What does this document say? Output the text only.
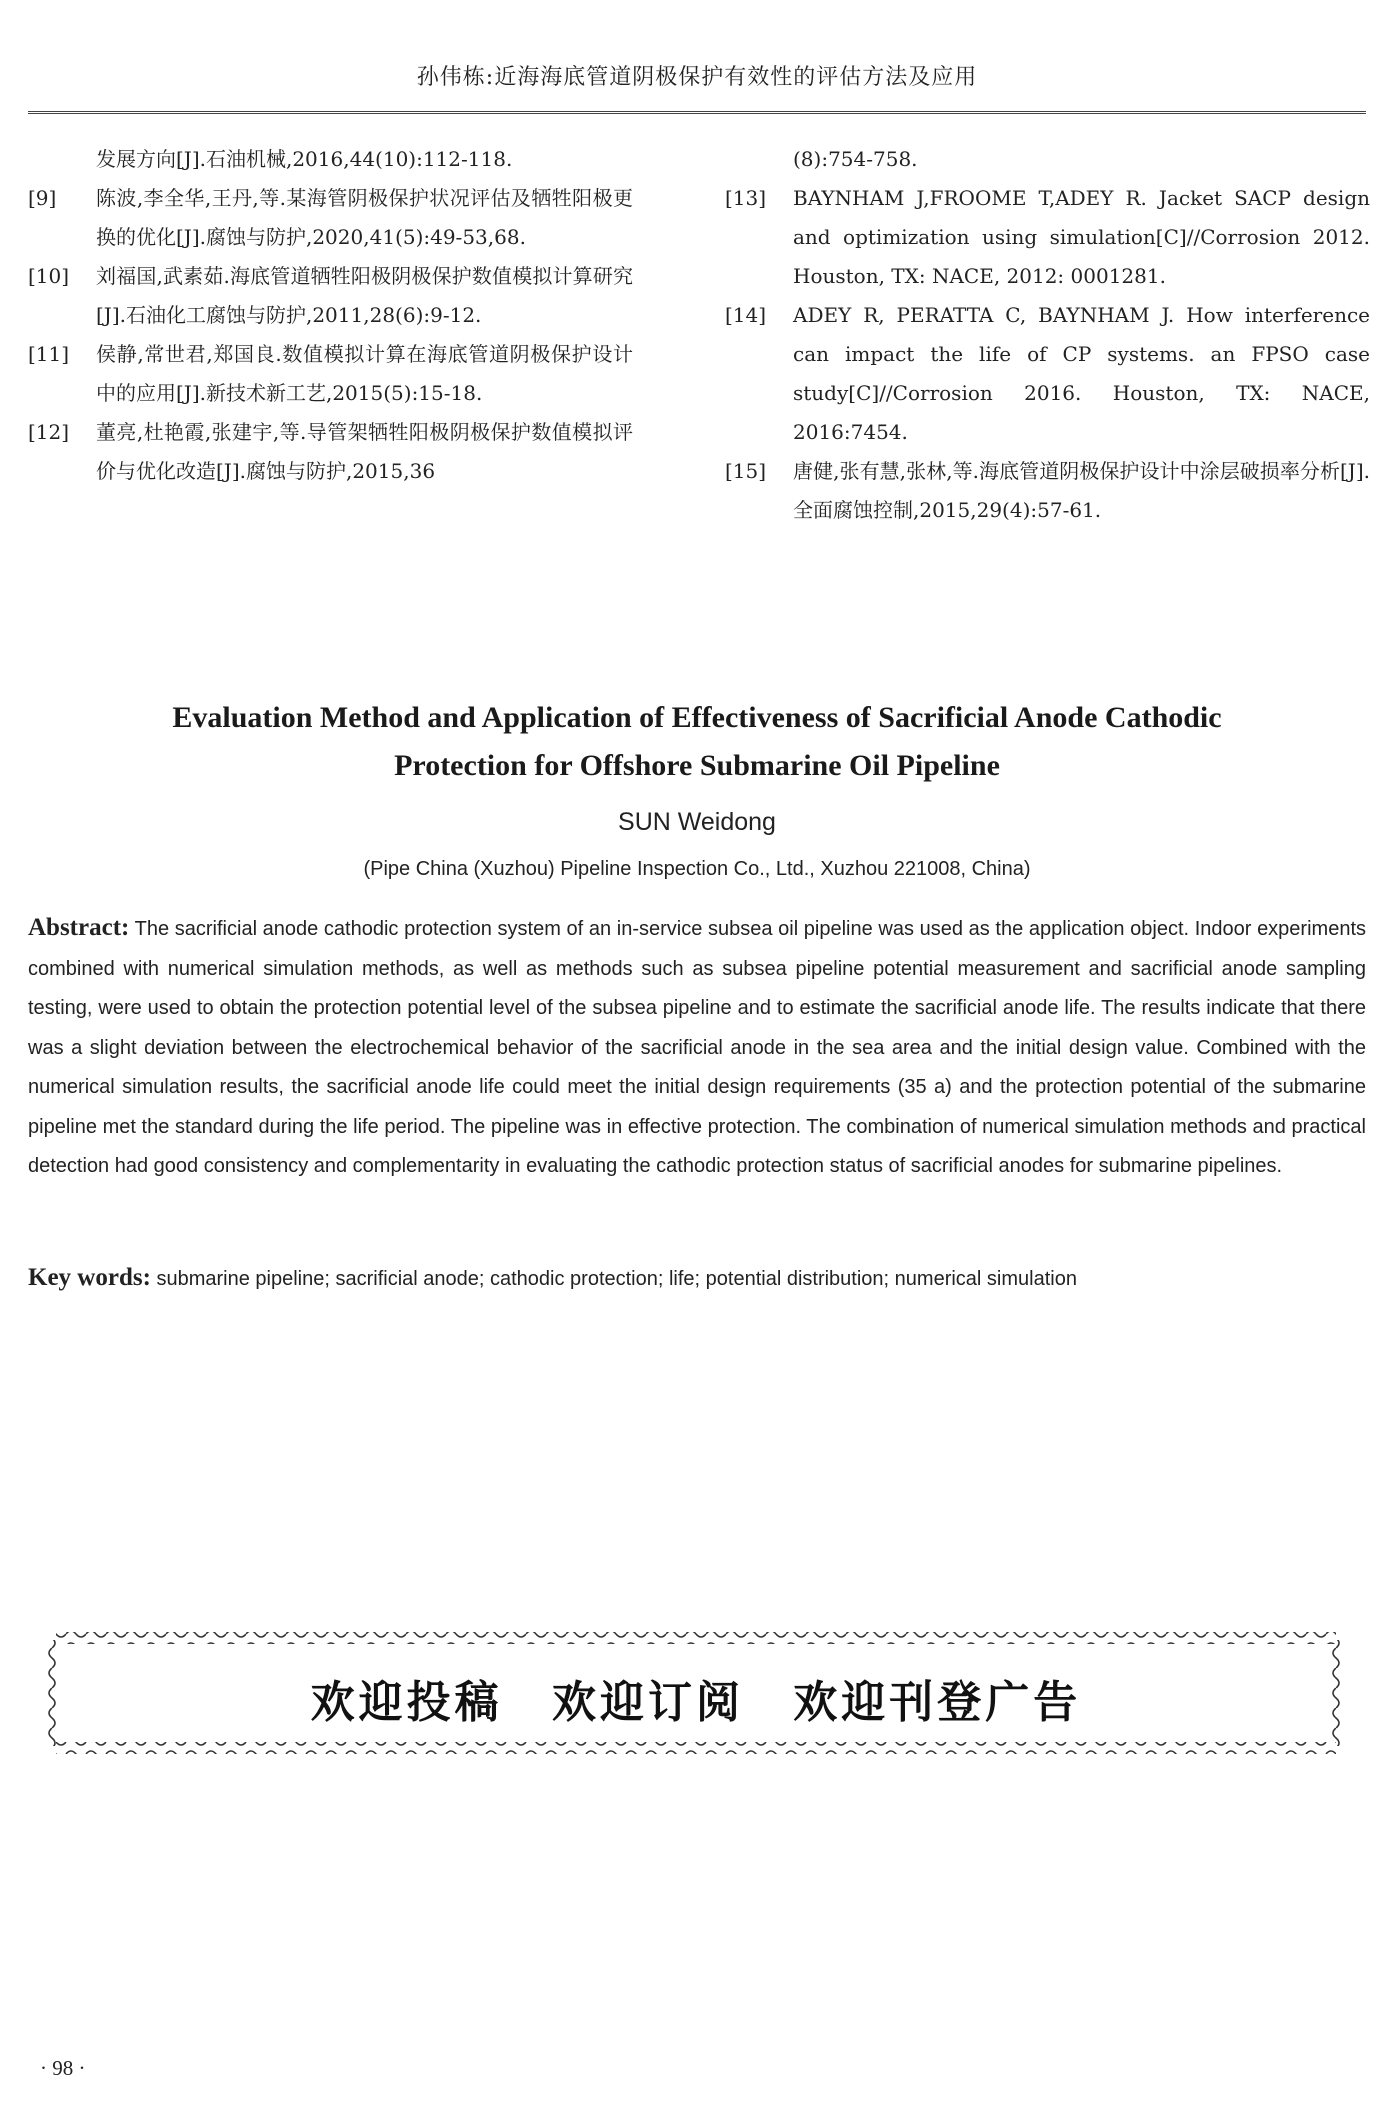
孙伟栋:近海海底管道阴极保护有效性的评估方法及应用
发展方向[J].石油机械,2016,44(10):112-118.
[9]	陈波,李全华,王丹,等.某海管阴极保护状况评估及牺牲阳极更换的优化[J].腐蚀与防护,2020,41(5):49-53,68.
[10]	刘福国,武素茹.海底管道牺牲阳极阴极保护数值模拟计算研究[J].石油化工腐蚀与防护,2011,28(6):9-12.
[11]	侯静,常世君,郑国良.数值模拟计算在海底管道阴极保护设计中的应用[J].新技术新工艺,2015(5):15-18.
[12]	董亮,杜艳霞,张建宇,等.导管架牺牲阳极阴极保护数值模拟评价与优化改造[J].腐蚀与防护,2015,36
(8):754-758.
[13]	BAYNHAM J,FROOME T,ADEY R. Jacket SACP design and optimization using simulation[C]//Corrosion 2012. Houston, TX: NACE, 2012: 0001281.
[14]	ADEY R, PERATTA C, BAYNHAM J. How interference can impact the life of CP systems. an FPSO case study[C]//Corrosion 2016. Houston, TX: NACE, 2016:7454.
[15]	唐健,张有慧,张林,等.海底管道阴极保护设计中涂层破损率分析[J].全面腐蚀控制,2015,29(4):57-61.
Evaluation Method and Application of Effectiveness of Sacrificial Anode Cathodic
Protection for Offshore Submarine Oil Pipeline
SUN Weidong
(Pipe China (Xuzhou) Pipeline Inspection Co., Ltd., Xuzhou 221008, China)
Abstract: The sacrificial anode cathodic protection system of an in-service subsea oil pipeline was used as the application object. Indoor experiments combined with numerical simulation methods, as well as methods such as subsea pipeline potential measurement and sacrificial anode sampling testing, were used to obtain the protection potential level of the subsea pipeline and to estimate the sacrificial anode life. The results indicate that there was a slight deviation between the electrochemical behavior of the sacrificial anode in the sea area and the initial design value. Combined with the numerical simulation results, the sacrificial anode life could meet the initial design requirements (35 a) and the protection potential of the submarine pipeline met the standard during the life period. The pipeline was in effective protection. The combination of numerical simulation methods and practical detection had good consistency and complementarity in evaluating the cathodic protection status of sacrificial anodes for submarine pipelines.
Key words: submarine pipeline; sacrificial anode; cathodic protection; life; potential distribution; numerical simulation
欢迎投稿 欢迎订阅 欢迎刊登广告
· 98 ·
